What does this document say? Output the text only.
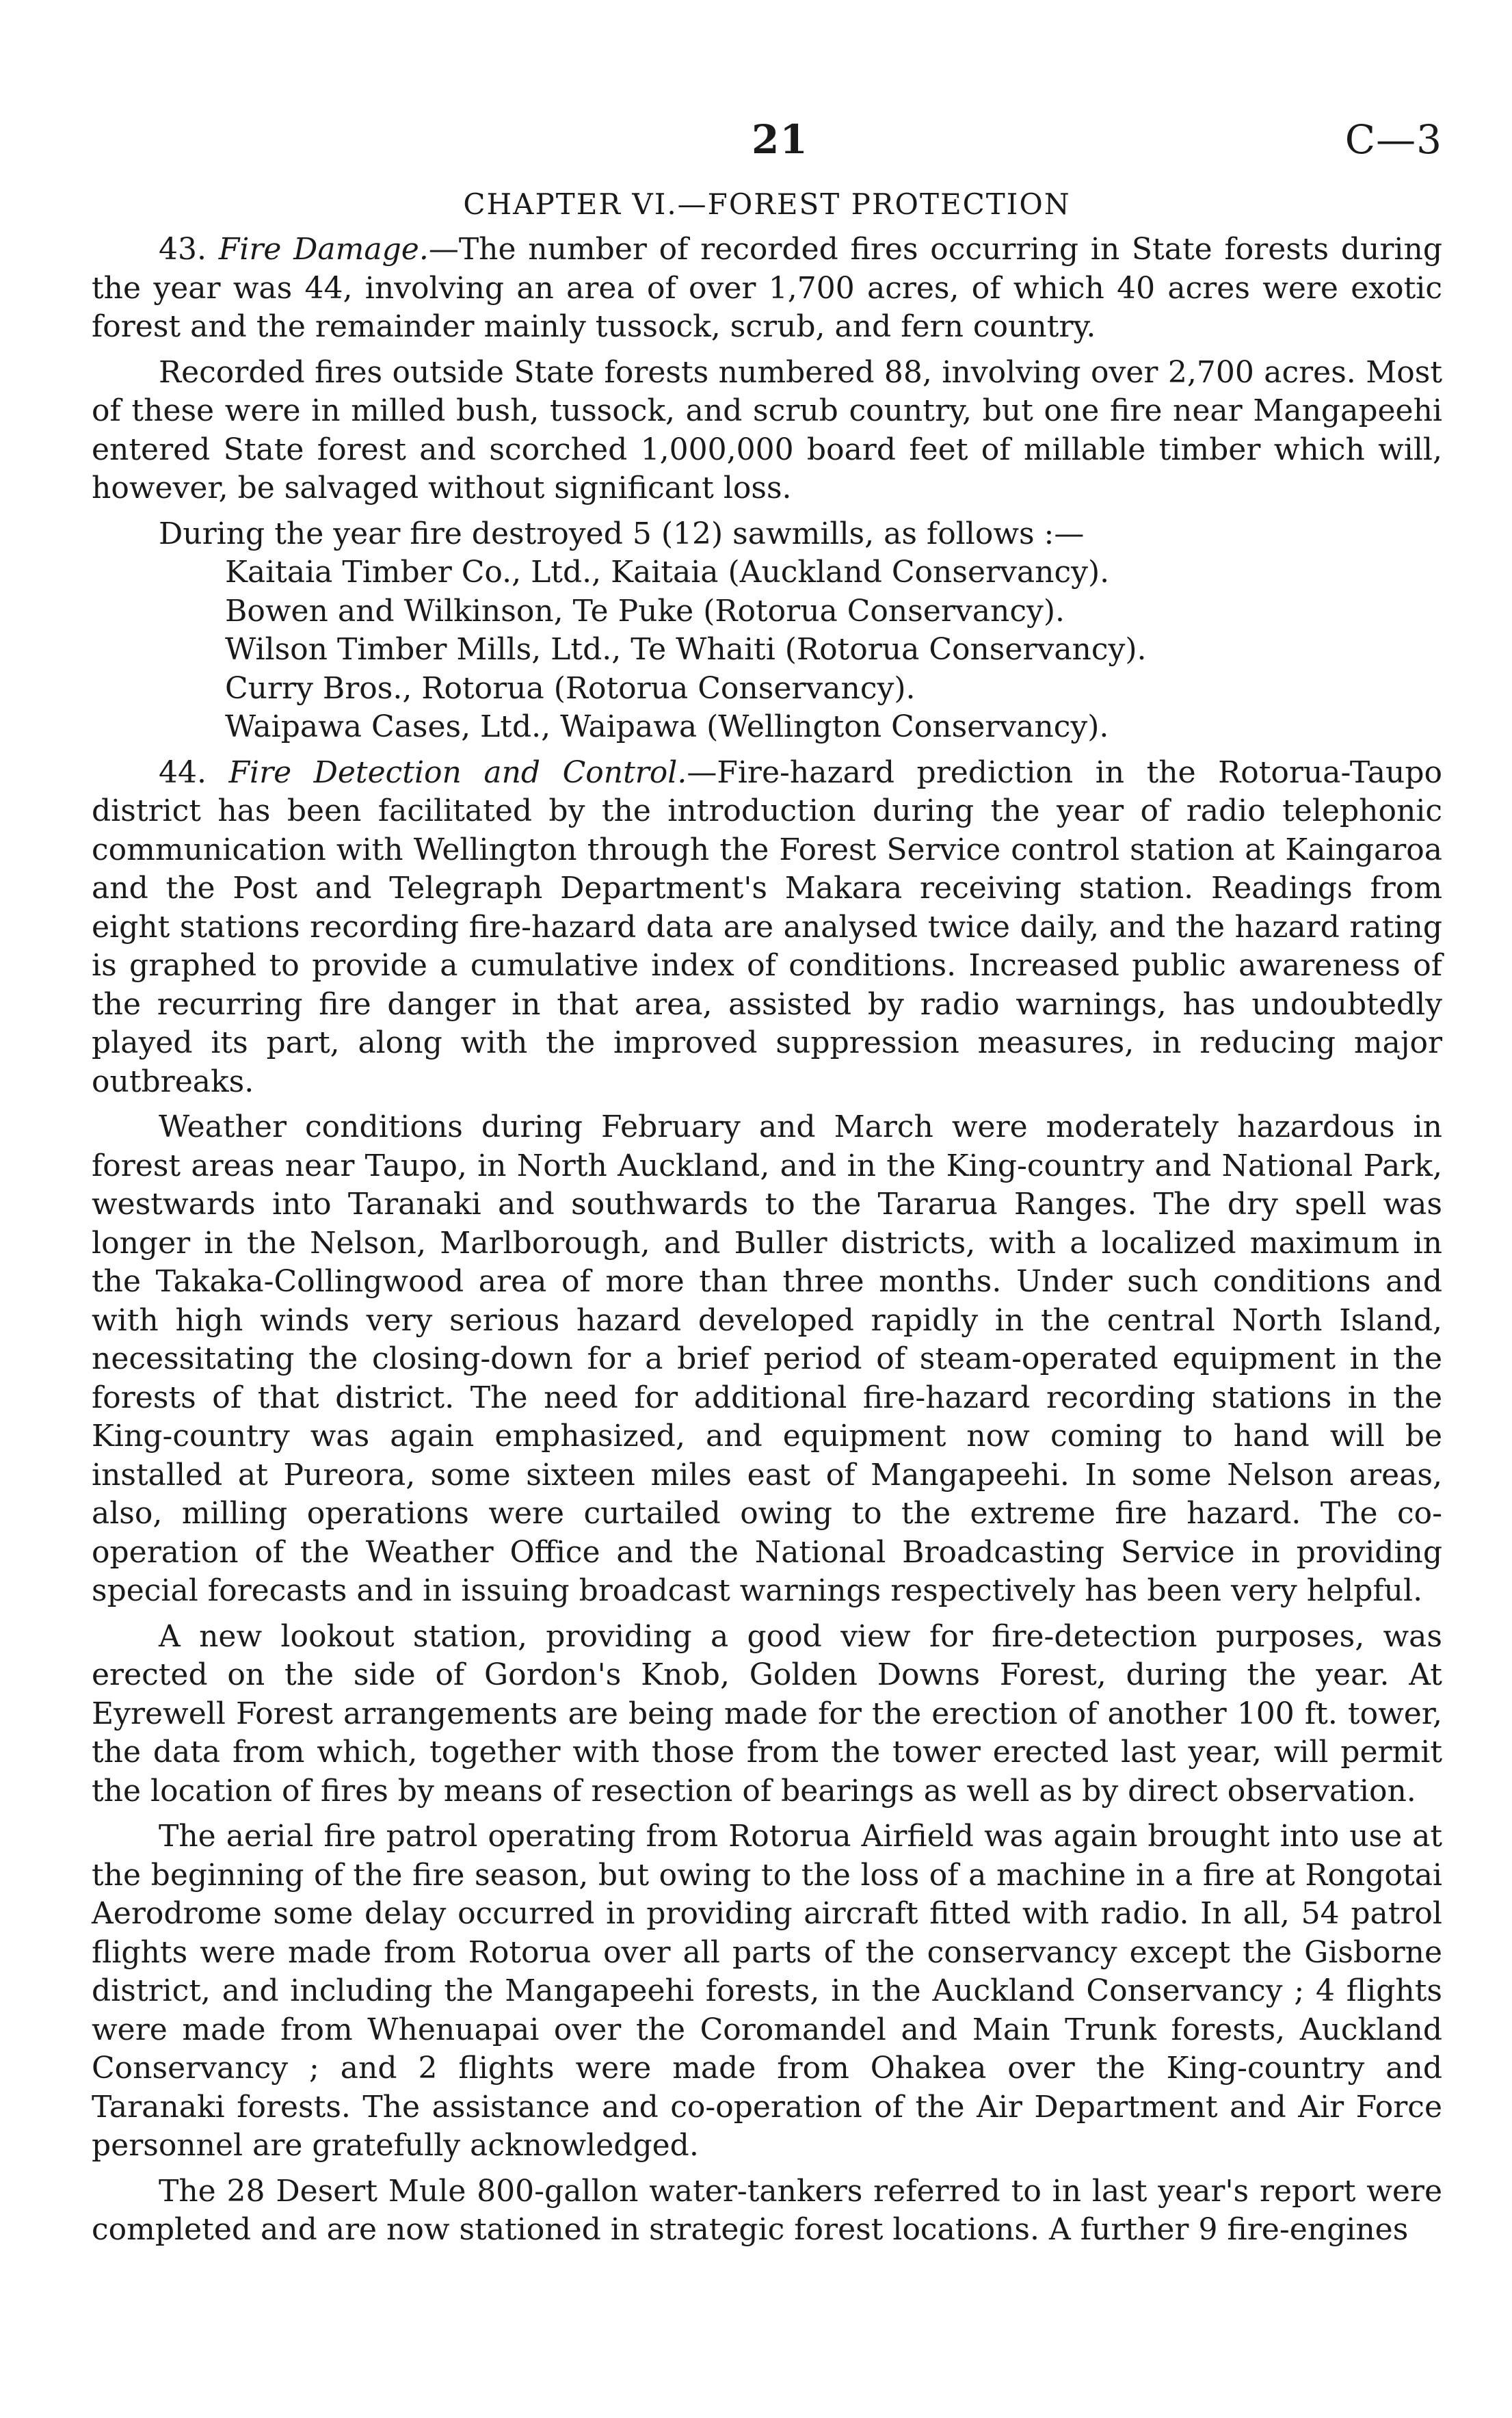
21	C—3
CHAPTER VI.—FOREST PROTECTION

43. Fire Damage.—The number of recorded fires occurring in State forests during the year was 44, involving an area of over 1,700 acres, of which 40 acres were exotic forest and the remainder mainly tussock, scrub, and fern country.

Recorded fires outside State forests numbered 88, involving over 2,700 acres. Most of these were in milled bush, tussock, and scrub country, but one fire near Mangapeehi entered State forest and scorched 1,000,000 board feet of millable timber which will, however, be salvaged without significant loss.

During the year fire destroyed 5 (12) sawmills, as follows :—

Kaitaia Timber Co., Ltd., Kaitaia (Auckland Conservancy).
Bowen and Wilkinson, Te Puke (Rotorua Conservancy).
Wilson Timber Mills, Ltd., Te Whaiti (Rotorua Conservancy).
Curry Bros., Rotorua (Rotorua Conservancy).
Waipawa Cases, Ltd., Waipawa (Wellington Conservancy).

44. Fire Detection and Control.—Fire-hazard prediction in the Rotorua-Taupo district has been facilitated by the introduction during the year of radio telephonic communication with Wellington through the Forest Service control station at Kaingaroa and the Post and Telegraph Department's Makara receiving station. Readings from eight stations recording fire-hazard data are analysed twice daily, and the hazard rating is graphed to provide a cumulative index of conditions. Increased public awareness of the recurring fire danger in that area, assisted by radio warnings, has undoubtedly played its part, along with the improved suppression measures, in reducing major outbreaks.

Weather conditions during February and March were moderately hazardous in forest areas near Taupo, in North Auckland, and in the King-country and National Park, westwards into Taranaki and southwards to the Tararua Ranges. The dry spell was longer in the Nelson, Marlborough, and Buller districts, with a localized maximum in the Takaka-Collingwood area of more than three months. Under such conditions and with high winds very serious hazard developed rapidly in the central North Island, necessitating the closing-down for a brief period of steam-operated equipment in the forests of that district. The need for additional fire-hazard recording stations in the King-country was again emphasized, and equipment now coming to hand will be installed at Pureora, some sixteen miles east of Mangapeehi. In some Nelson areas, also, milling operations were curtailed owing to the extreme fire hazard. The co-operation of the Weather Office and the National Broadcasting Service in providing special forecasts and in issuing broadcast warnings respectively has been very helpful.

A new lookout station, providing a good view for fire-detection purposes, was erected on the side of Gordon's Knob, Golden Downs Forest, during the year. At Eyrewell Forest arrangements are being made for the erection of another 100 ft. tower, the data from which, together with those from the tower erected last year, will permit the location of fires by means of resection of bearings as well as by direct observation.

The aerial fire patrol operating from Rotorua Airfield was again brought into use at the beginning of the fire season, but owing to the loss of a machine in a fire at Rongotai Aerodrome some delay occurred in providing aircraft fitted with radio. In all, 54 patrol flights were made from Rotorua over all parts of the conservancy except the Gisborne district, and including the Mangapeehi forests, in the Auckland Conservancy ; 4 flights were made from Whenuapai over the Coromandel and Main Trunk forests, Auckland Conservancy ; and 2 flights were made from Ohakea over the King-country and Taranaki forests. The assistance and co-operation of the Air Department and Air Force personnel are gratefully acknowledged.

The 28 Desert Mule 800-gallon water-tankers referred to in last year's report were completed and are now stationed in strategic forest locations. A further 9 fire-engines
